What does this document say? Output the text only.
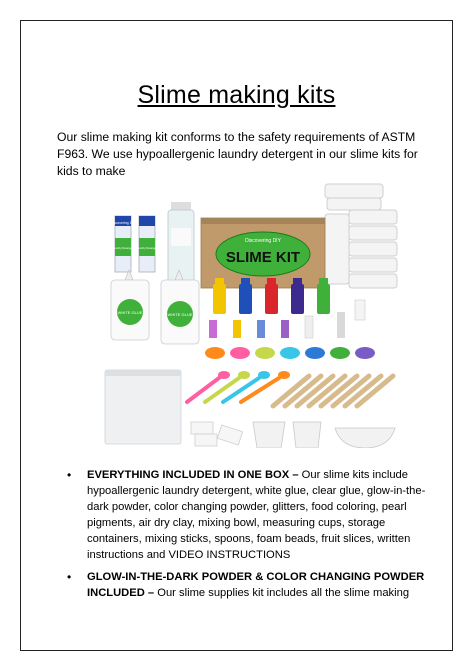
Slime making kits
Our slime making kit conforms to the safety requirements of ASTM F963. We use hypoallergenic laundry detergent in our slime kits for kids to make
Discovering DIY
Laundry Detergent Laundry Detergent
Discovering DIY
SLIME KIT
WHITE GLUE	WHITE GLUE
• EVERYTHING INCLUDED IN ONE BOX – Our slime kits include hypoallergenic laundry detergent, white glue, clear glue, glow-in-the-dark powder, color changing powder, glitters, food coloring, pearl pigments, air dry clay, mixing bowl, measuring cups, storage containers, mixing sticks, spoons, foam beads, fruit slices, written instructions and VIDEO INSTRUCTIONS
• GLOW-IN-THE-DARK POWDER & COLOR CHANGING POWDER INCLUDED – Our slime supplies kit includes all the slime making
